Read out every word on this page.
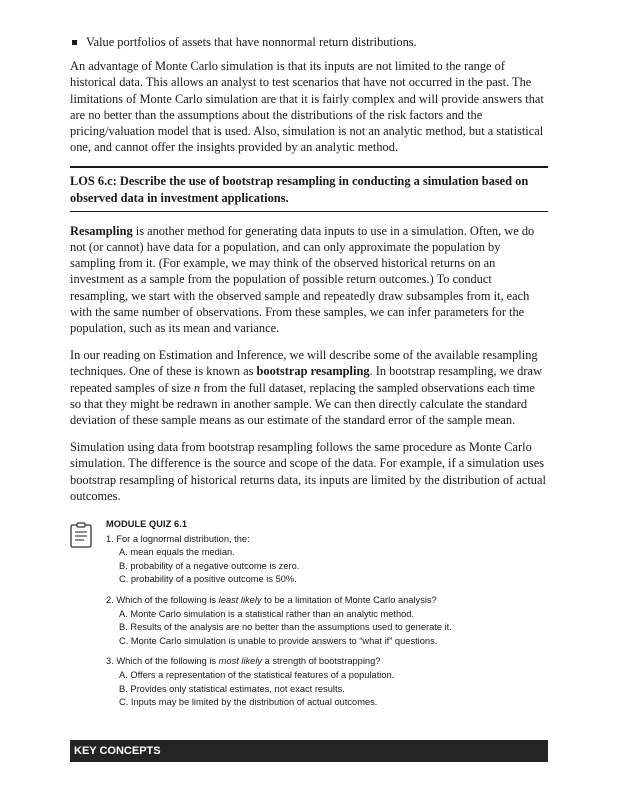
Value portfolios of assets that have nonnormal return distributions.

An advantage of Monte Carlo simulation is that its inputs are not limited to the range of historical data. This allows an analyst to test scenarios that have not occurred in the past. The limitations of Monte Carlo simulation are that it is fairly complex and will provide answers that are no better than the assumptions about the distributions of the risk factors and the pricing/valuation model that is used. Also, simulation is not an analytic method, but a statistical one, and cannot offer the insights provided by an analytic method.

LOS 6.c: Describe the use of bootstrap resampling in conducting a simulation based on observed data in investment applications.

Resampling is another method for generating data inputs to use in a simulation. Often, we do not (or cannot) have data for a population, and can only approximate the population by sampling from it. (For example, we may think of the observed historical returns on an investment as a sample from the population of possible return outcomes.) To conduct resampling, we start with the observed sample and repeatedly draw subsamples from it, each with the same number of observations. From these samples, we can infer parameters for the population, such as its mean and variance.

In our reading on Estimation and Inference, we will describe some of the available resampling techniques. One of these is known as bootstrap resampling. In bootstrap resampling, we draw repeated samples of size n from the full dataset, replacing the sampled observations each time so that they might be redrawn in another sample. We can then directly calculate the standard deviation of these sample means as our estimate of the standard error of the sample mean.

Simulation using data from bootstrap resampling follows the same procedure as Monte Carlo simulation. The difference is the source and scope of the data. For example, if a simulation uses bootstrap resampling of historical returns data, its inputs are limited by the distribution of actual outcomes.

MODULE QUIZ 6.1
1. For a lognormal distribution, the:
A. mean equals the median.
B. probability of a negative outcome is zero.
C. probability of a positive outcome is 50%.
2. Which of the following is least likely to be a limitation of Monte Carlo analysis?
A. Monte Carlo simulation is a statistical rather than an analytic method.
B. Results of the analysis are no better than the assumptions used to generate it.
C. Monte Carlo simulation is unable to provide answers to “what if” questions.
3. Which of the following is most likely a strength of bootstrapping?
A. Offers a representation of the statistical features of a population.
B. Provides only statistical estimates, not exact results.
C. Inputs may be limited by the distribution of actual outcomes.
KEY CONCEPTS
